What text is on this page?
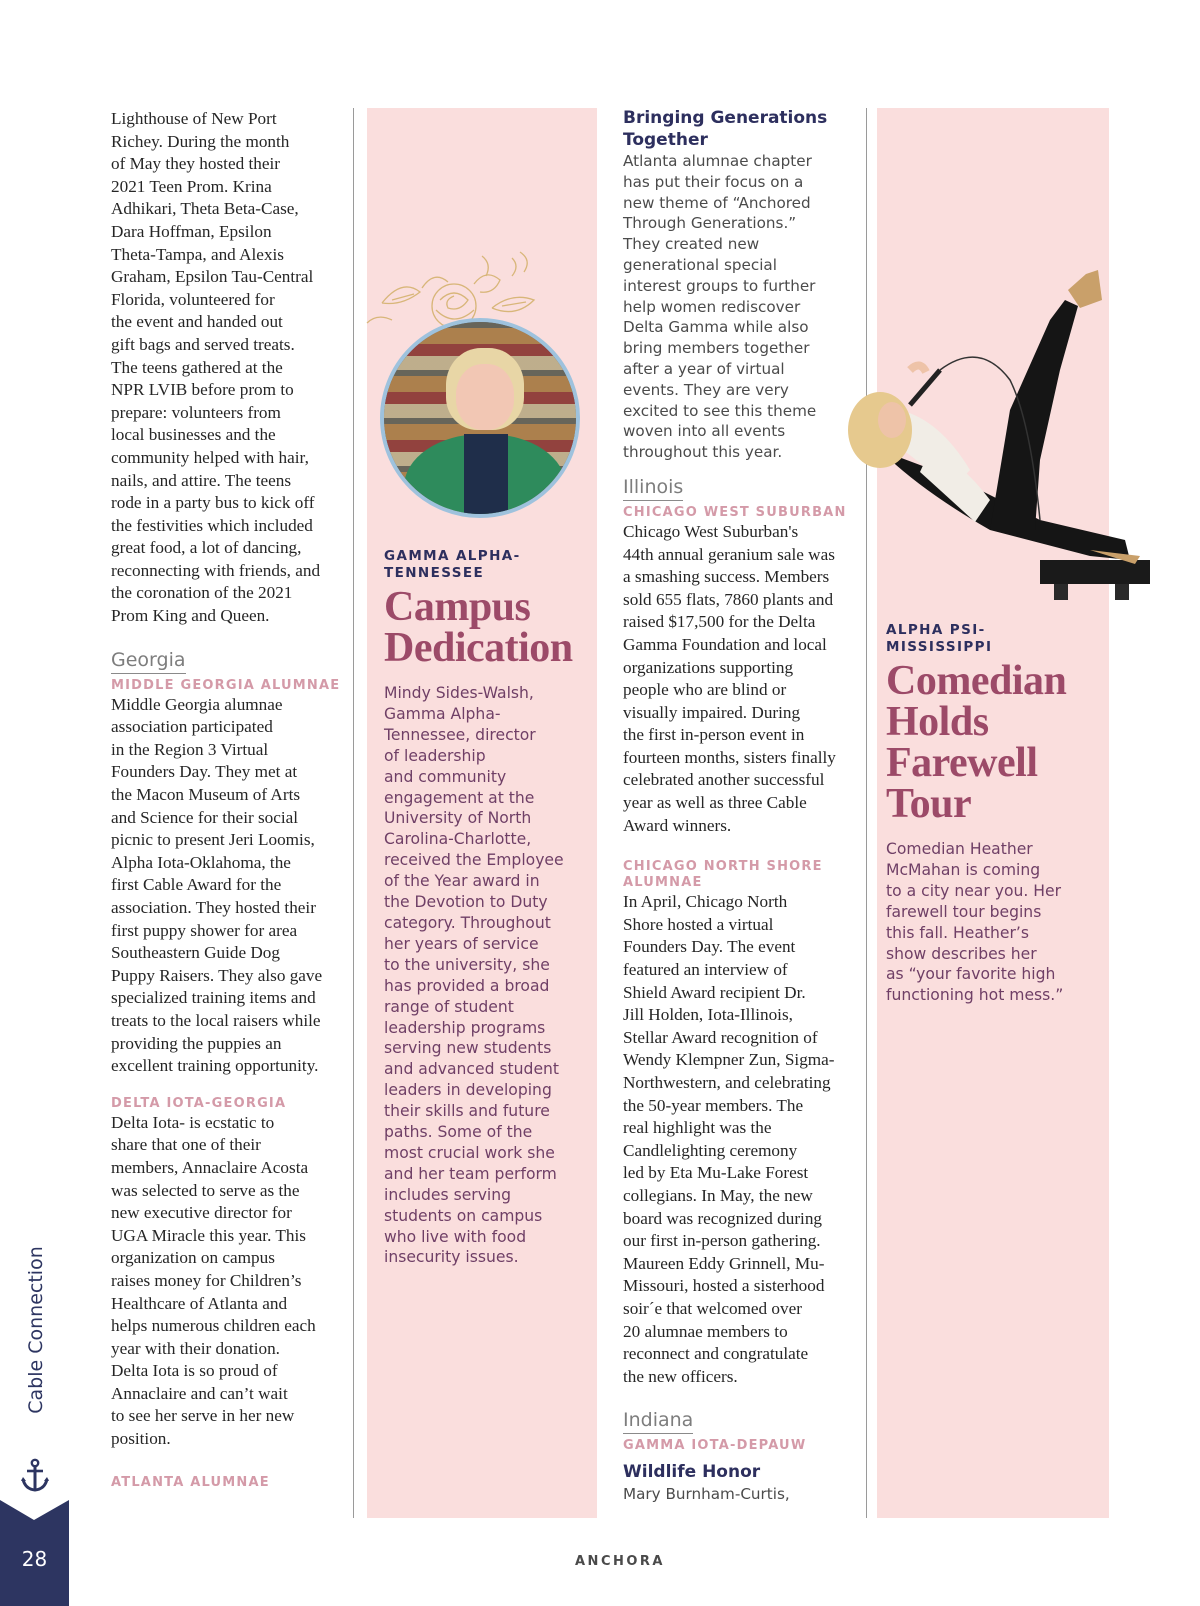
Cable Connection
28	ANCHORA
Lighthouse of New Port
Richey. During the month
of May they hosted their
2021 Teen Prom. Krina
Adhikari, Theta Beta-Case,
Dara Hoffman, Epsilon
Theta-Tampa, and Alexis
Graham, Epsilon Tau-Central
Florida, volunteered for
the event and handed out
gift bags and served treats.
The teens gathered at the
NPR LVIB before prom to
prepare: volunteers from
local businesses and the
community helped with hair,
nails, and attire. The teens
rode in a party bus to kick off
the festivities which included
great food, a lot of dancing,
reconnecting with friends, and
the coronation of the 2021
Prom King and Queen.
Georgia

MIDDLE GEORGIA ALUMNAE

Middle Georgia alumnae
association participated
in the Region 3 Virtual
Founders Day. They met at
the Macon Museum of Arts
and Science for their social
picnic to present Jeri Loomis,
Alpha Iota-Oklahoma, the
first Cable Award for the
association. They hosted their
first puppy shower for area
Southeastern Guide Dog
Puppy Raisers. They also gave
specialized training items and
treats to the local raisers while
providing the puppies an
excellent training opportunity.

DELTA IOTA-GEORGIA

Delta Iota- is ecstatic to
share that one of their
members, Annaclaire Acosta
was selected to serve as the
new executive director for
UGA Miracle this year. This
organization on campus
raises money for Children’s
Healthcare of Atlanta and
helps numerous children each
year with their donation.
Delta Iota is so proud of
Annaclaire and can’t wait
to see her serve in her new
position.

ATLANTA ALUMNAE

GAMMA ALPHA-
TENNESSEE

Campus
Dedication
Mindy Sides-Walsh,
Gamma Alpha-
Tennessee, director
of leadership
and community
engagement at the
University of North
Carolina-Charlotte,
received the Employee
of the Year award in
the Devotion to Duty
category. Throughout
her years of service
to the university, she
has provided a broad
range of student
leadership programs
serving new students
and advanced student
leaders in developing
their skills and future
paths. Some of the
most crucial work she
and her team perform
includes serving
students on campus
who live with food
insecurity issues.
Bringing Generations
Together
Atlanta alumnae chapter
has put their focus on a
new theme of “Anchored
Through Generations.”
They created new
generational special
interest groups to further
help women rediscover
Delta Gamma while also
bring members together
after a year of virtual
events. They are very
excited to see this theme
woven into all events
throughout this year.
Illinois

CHICAGO WEST SUBURBAN

Chicago West Suburban's
44th annual geranium sale was
a smashing success. Members
sold 655 flats, 7860 plants and
raised $17,500 for the Delta
Gamma Foundation and local
organizations supporting
people who are blind or
visually impaired. During
the first in-person event in
fourteen months, sisters finally
celebrated another successful
year as well as three Cable
Award winners.

CHICAGO NORTH SHORE
ALUMNAE

In April, Chicago North
Shore hosted a virtual
Founders Day. The event
featured an interview of
Shield Award recipient Dr.
Jill Holden, Iota-Illinois,
Stellar Award recognition of
Wendy Klempner Zun, Sigma-
Northwestern, and celebrating
the 50-year members. The
real highlight was the
Candlelighting ceremony
led by Eta Mu-Lake Forest
collegians. In May, the new
board was recognized during
our first in-person gathering.
Maureen Eddy Grinnell, Mu-
Missouri, hosted a sisterhood
soir´e that welcomed over
20 alumnae members to
reconnect and congratulate
the new officers.
Indiana

GAMMA IOTA-DEPAUW

Wildlife Honor
Mary Burnham-Curtis,

ALPHA PSI-
MISSISSIPPI

Comedian
Holds
Farewell
Tour
Comedian Heather
McMahan is coming
to a city near you. Her
farewell tour begins
this fall. Heather’s
show describes her
as “your favorite high
functioning hot mess.”
